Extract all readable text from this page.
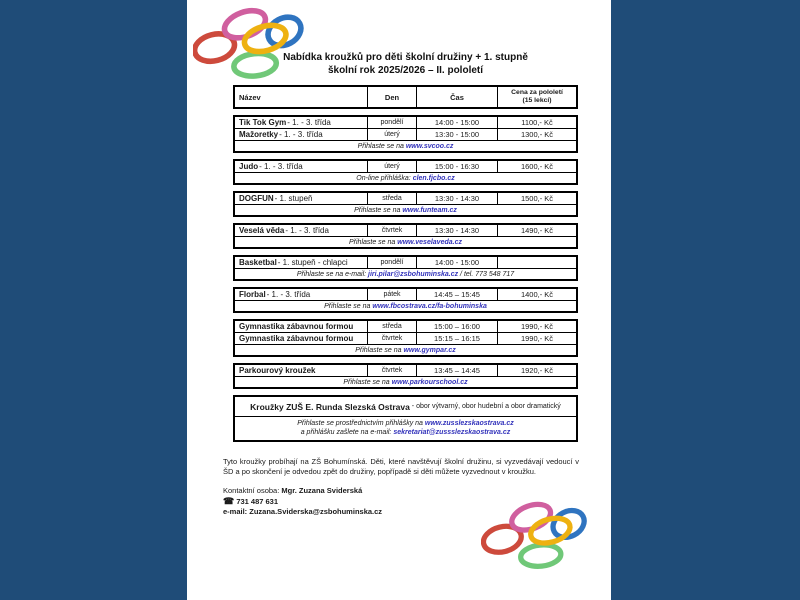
Nabídka kroužků pro děti školní družiny + 1. stupně
školní rok 2025/2026 – II. pololetí
Název	Den	Čas	Cena za pololetí
(15 lekcí)
Tik Tok Gym - 1. - 3. třída	pondělí	14:00 - 15:00	1100,- Kč
Mažoretky - 1. - 3. třída	úterý	13:30 - 15:00	1300,- Kč
Přihlaste se na www.svcoo.cz
Judo - 1. - 3. třída	úterý	15:00 - 16:30	1600,- Kč
On-line přihláška: clen.fjcbo.cz
DOGFUN - 1. stupeň	středa	13:30 - 14:30	1500,- Kč
Přihlaste se na www.funteam.cz
Veselá věda - 1. - 3. třída	čtvrtek	13:30 - 14:30	1490,- Kč
Přihlaste se na www.veselaveda.cz
Basketbal - 1. stupeň - chlapci	pondělí	14:00 - 15:00
Přihlaste se na e-mail: jiri.pilar@zsbohuminska.cz / tel. 773 548 717
Florbal - 1. - 3. třída	pátek	14:45 – 15:45	1400,- Kč
Přihlaste se na www.fbcostrava.cz/fa-bohuminska
Gymnastika zábavnou formou	středa	15:00 – 16:00	1990,- Kč
Gymnastika zábavnou formou	čtvrtek	15:15 – 16:15	1990,- Kč
Přihlaste se na www.gympar.cz
Parkourový kroužek	čtvrtek	13:45 – 14:45	1920,- Kč
Přihlaste se na www.parkourschool.cz
Kroužky ZUŠ E. Runda Slezská Ostrava - obor výtvarný, obor hudební a obor dramatický
Přihlaste se prostřednictvím přihlášky na www.zusslezskaostrava.cz
a přihlášku zašlete na e-mail: sekretariat@zussslezskaostrava.cz

Tyto kroužky probíhají na ZŠ Bohumínská. Děti, které navštěvují školní družinu, si vyzvedávají vedoucí v ŠD a po skončení je odvedou zpět do družiny, popřípadě si děti můžete vyzvednout v kroužku.

Kontaktní osoba: Mgr. Zuzana Sviderská
☎ 731 487 631
e-mail: Zuzana.Sviderska@zsbohuminska.cz
